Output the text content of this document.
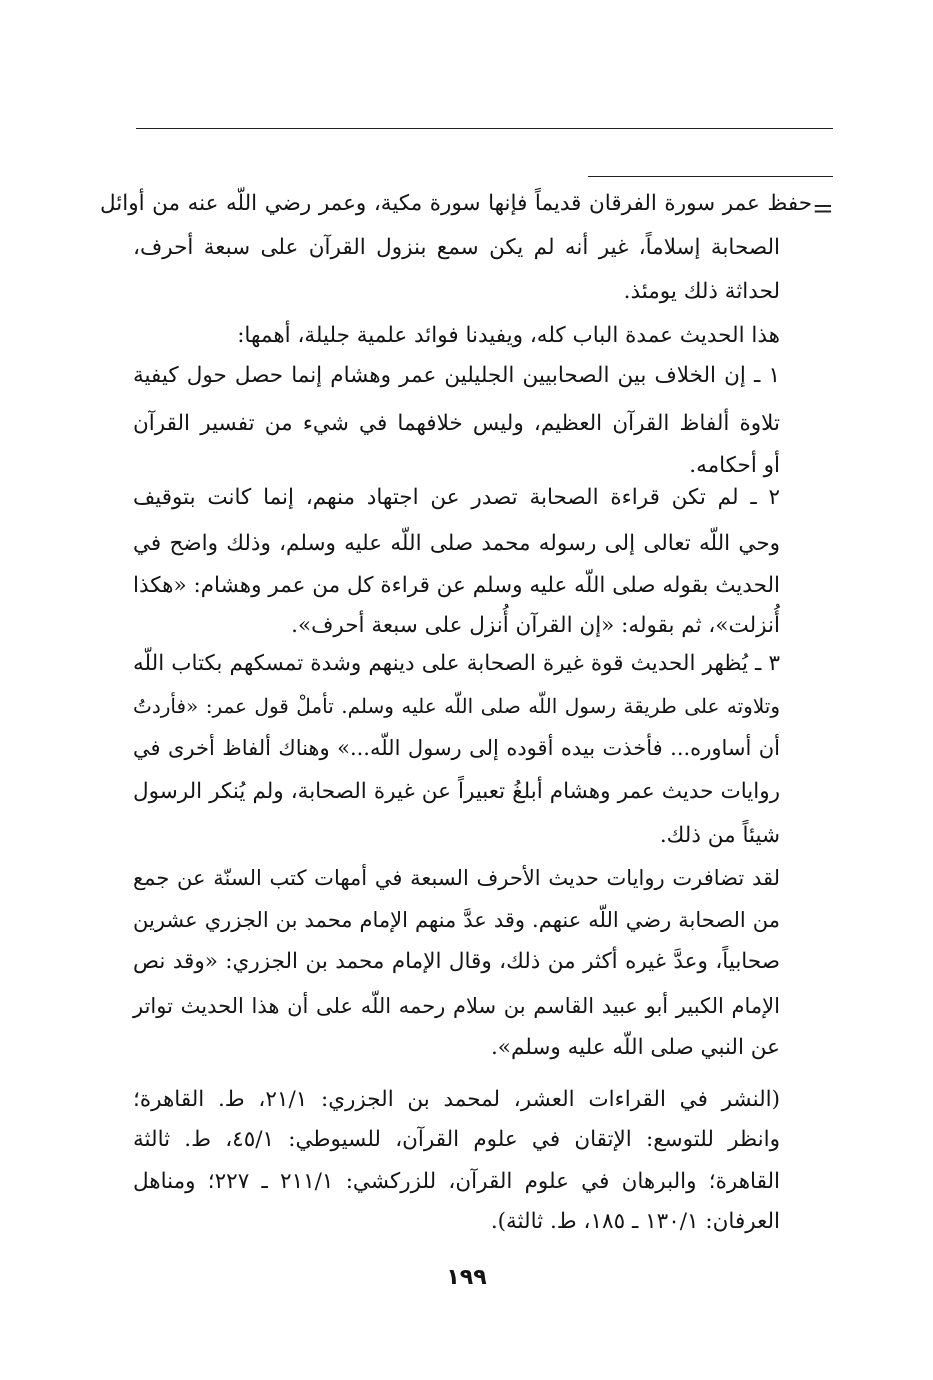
=

حفظ عمر سورة الفرقان قديماً فإنها سورة مكية، وعمر رضي اللّه عنه من أوائل

الصحابة إسلاماً، غير أنه لم يكن سمع بنزول القرآن على سبعة أحرف،

لحداثة ذلك يومئذ.

هذا الحديث عمدة الباب كله، ويفيدنا فوائد علمية جليلة، أهمها:

١ ـ إن الخلاف بين الصحابيين الجليلين عمر وهشام إنما حصل حول كيفية

تلاوة ألفاظ القرآن العظيم، وليس خلافهما في شيء من تفسير القرآن

أو أحكامه.

٢ ـ لم تكن قراءة الصحابة تصدر عن اجتهاد منهم، إنما كانت بتوقيف

وحي اللّه تعالى إلى رسوله محمد صلى اللّه عليه وسلم، وذلك واضح في

الحديث بقوله صلى اللّه عليه وسلم عن قراءة كل من عمر وهشام: «هكذا

أُنزلت»، ثم بقوله: «إن القرآن أُنزل على سبعة أحرف».

٣ ـ يُظهر الحديث قوة غيرة الصحابة على دينهم وشدة تمسكهم بكتاب اللّه

وتلاوته على طريقة رسول اللّه صلى اللّه عليه وسلم. تأملْ قول عمر: «فأردتُ

أن أساوره... فأخذت بيده أقوده إلى رسول اللّه...» وهناك ألفاظ أخرى في

روايات حديث عمر وهشام أبلغُ تعبيراً عن غيرة الصحابة، ولم يُنكر الرسول

شيئاً من ذلك.

لقد تضافرت روايات حديث الأحرف السبعة في أمهات كتب السنّة عن جمع

من الصحابة رضي اللّه عنهم. وقد عدَّ منهم الإمام محمد بن الجزري عشرين

صحابياً، وعدَّ غيره أكثر من ذلك، وقال الإمام محمد بن الجزري: «وقد نص

الإمام الكبير أبو عبيد القاسم بن سلام رحمه اللّه على أن هذا الحديث تواتر

عن النبي صلى اللّه عليه وسلم».

(النشر في القراءات العشر، لمحمد بن الجزري: ٢١/١، ط. القاهرة؛

وانظر للتوسع: الإتقان في علوم القرآن، للسيوطي: ٤٥/١، ط. ثالثة

القاهرة؛ والبرهان في علوم القرآن، للزركشي: ٢١١/١ ـ ٢٢٧؛ ومناهل

العرفان: ١٣٠/١ ـ ١٨٥، ط. ثالثة).

١٩٩
